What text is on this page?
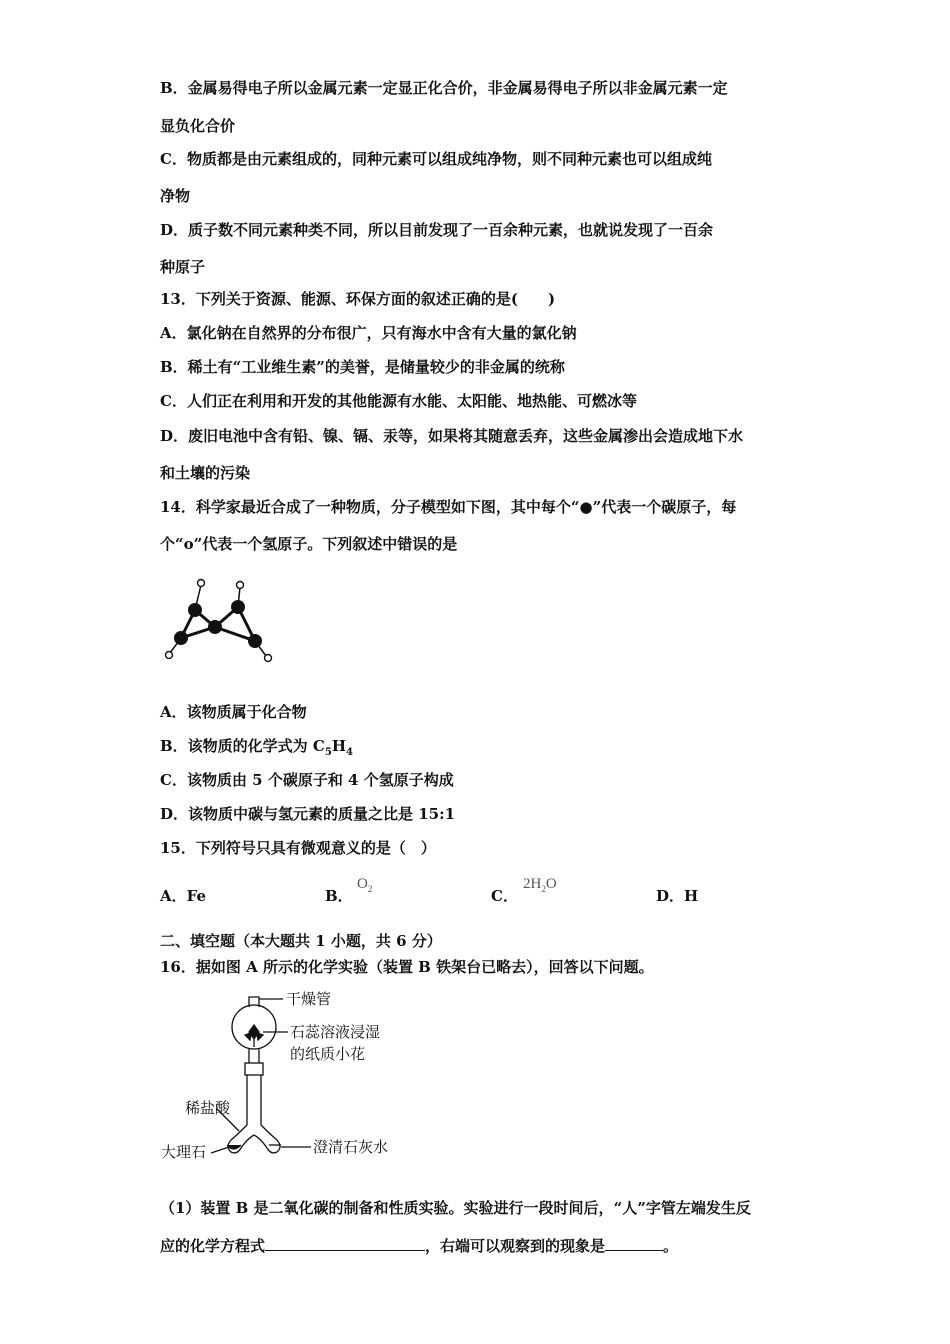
B．金属易得电子所以金属元素一定显正化合价，非金属易得电子所以非金属元素一定
显负化合价
C．物质都是由元素组成的，同种元素可以组成纯净物，则不同种元素也可以组成纯
净物
D．质子数不同元素种类不同，所以目前发现了一百余种元素，也就说发现了一百余
种原子
13．下列关于资源、能源、环保方面的叙述正确的是(　　)
A．氯化钠在自然界的分布很广，只有海水中含有大量的氯化钠
B．稀土有“工业维生素”的美誉，是储量较少的非金属的统称
C．人们正在利用和开发的其他能源有水能、太阳能、地热能、可燃冰等
D．废旧电池中含有铅、镍、镉、汞等，如果将其随意丢弃，这些金属渗出会造成地下水
和土壤的污染
14．科学家最近合成了一种物质，分子模型如下图，其中每个“●”代表一个碳原子，每
个“o”代表一个氢原子。下列叙述中错误的是
A．该物质属于化合物
B．该物质的化学式为 $C_5H_4$
C．该物质由 5 个碳原子和 4 个氢原子构成
D．该物质中碳与氢元素的质量之比是 15:1
15．下列符号只具有微观意义的是（　）
A．Fe	B．
$O_2$	C．
$2H_2O$
D．H
二、填空题（本大题共 1 小题，共 6 分）
16．据如图 A 所示的化学实验（装置 B 铁架台已略去），回答以下问题。
干燥管
石蕊溶液浸湿
的纸质小花
稀盐酸
大理石	澄清石灰水
（1）装置 B 是二氧化碳的制备和性质实验。实验进行一段时间后，“人”字管左端发生反
应的化学方程式	，右端可以观察到的现象是	。
